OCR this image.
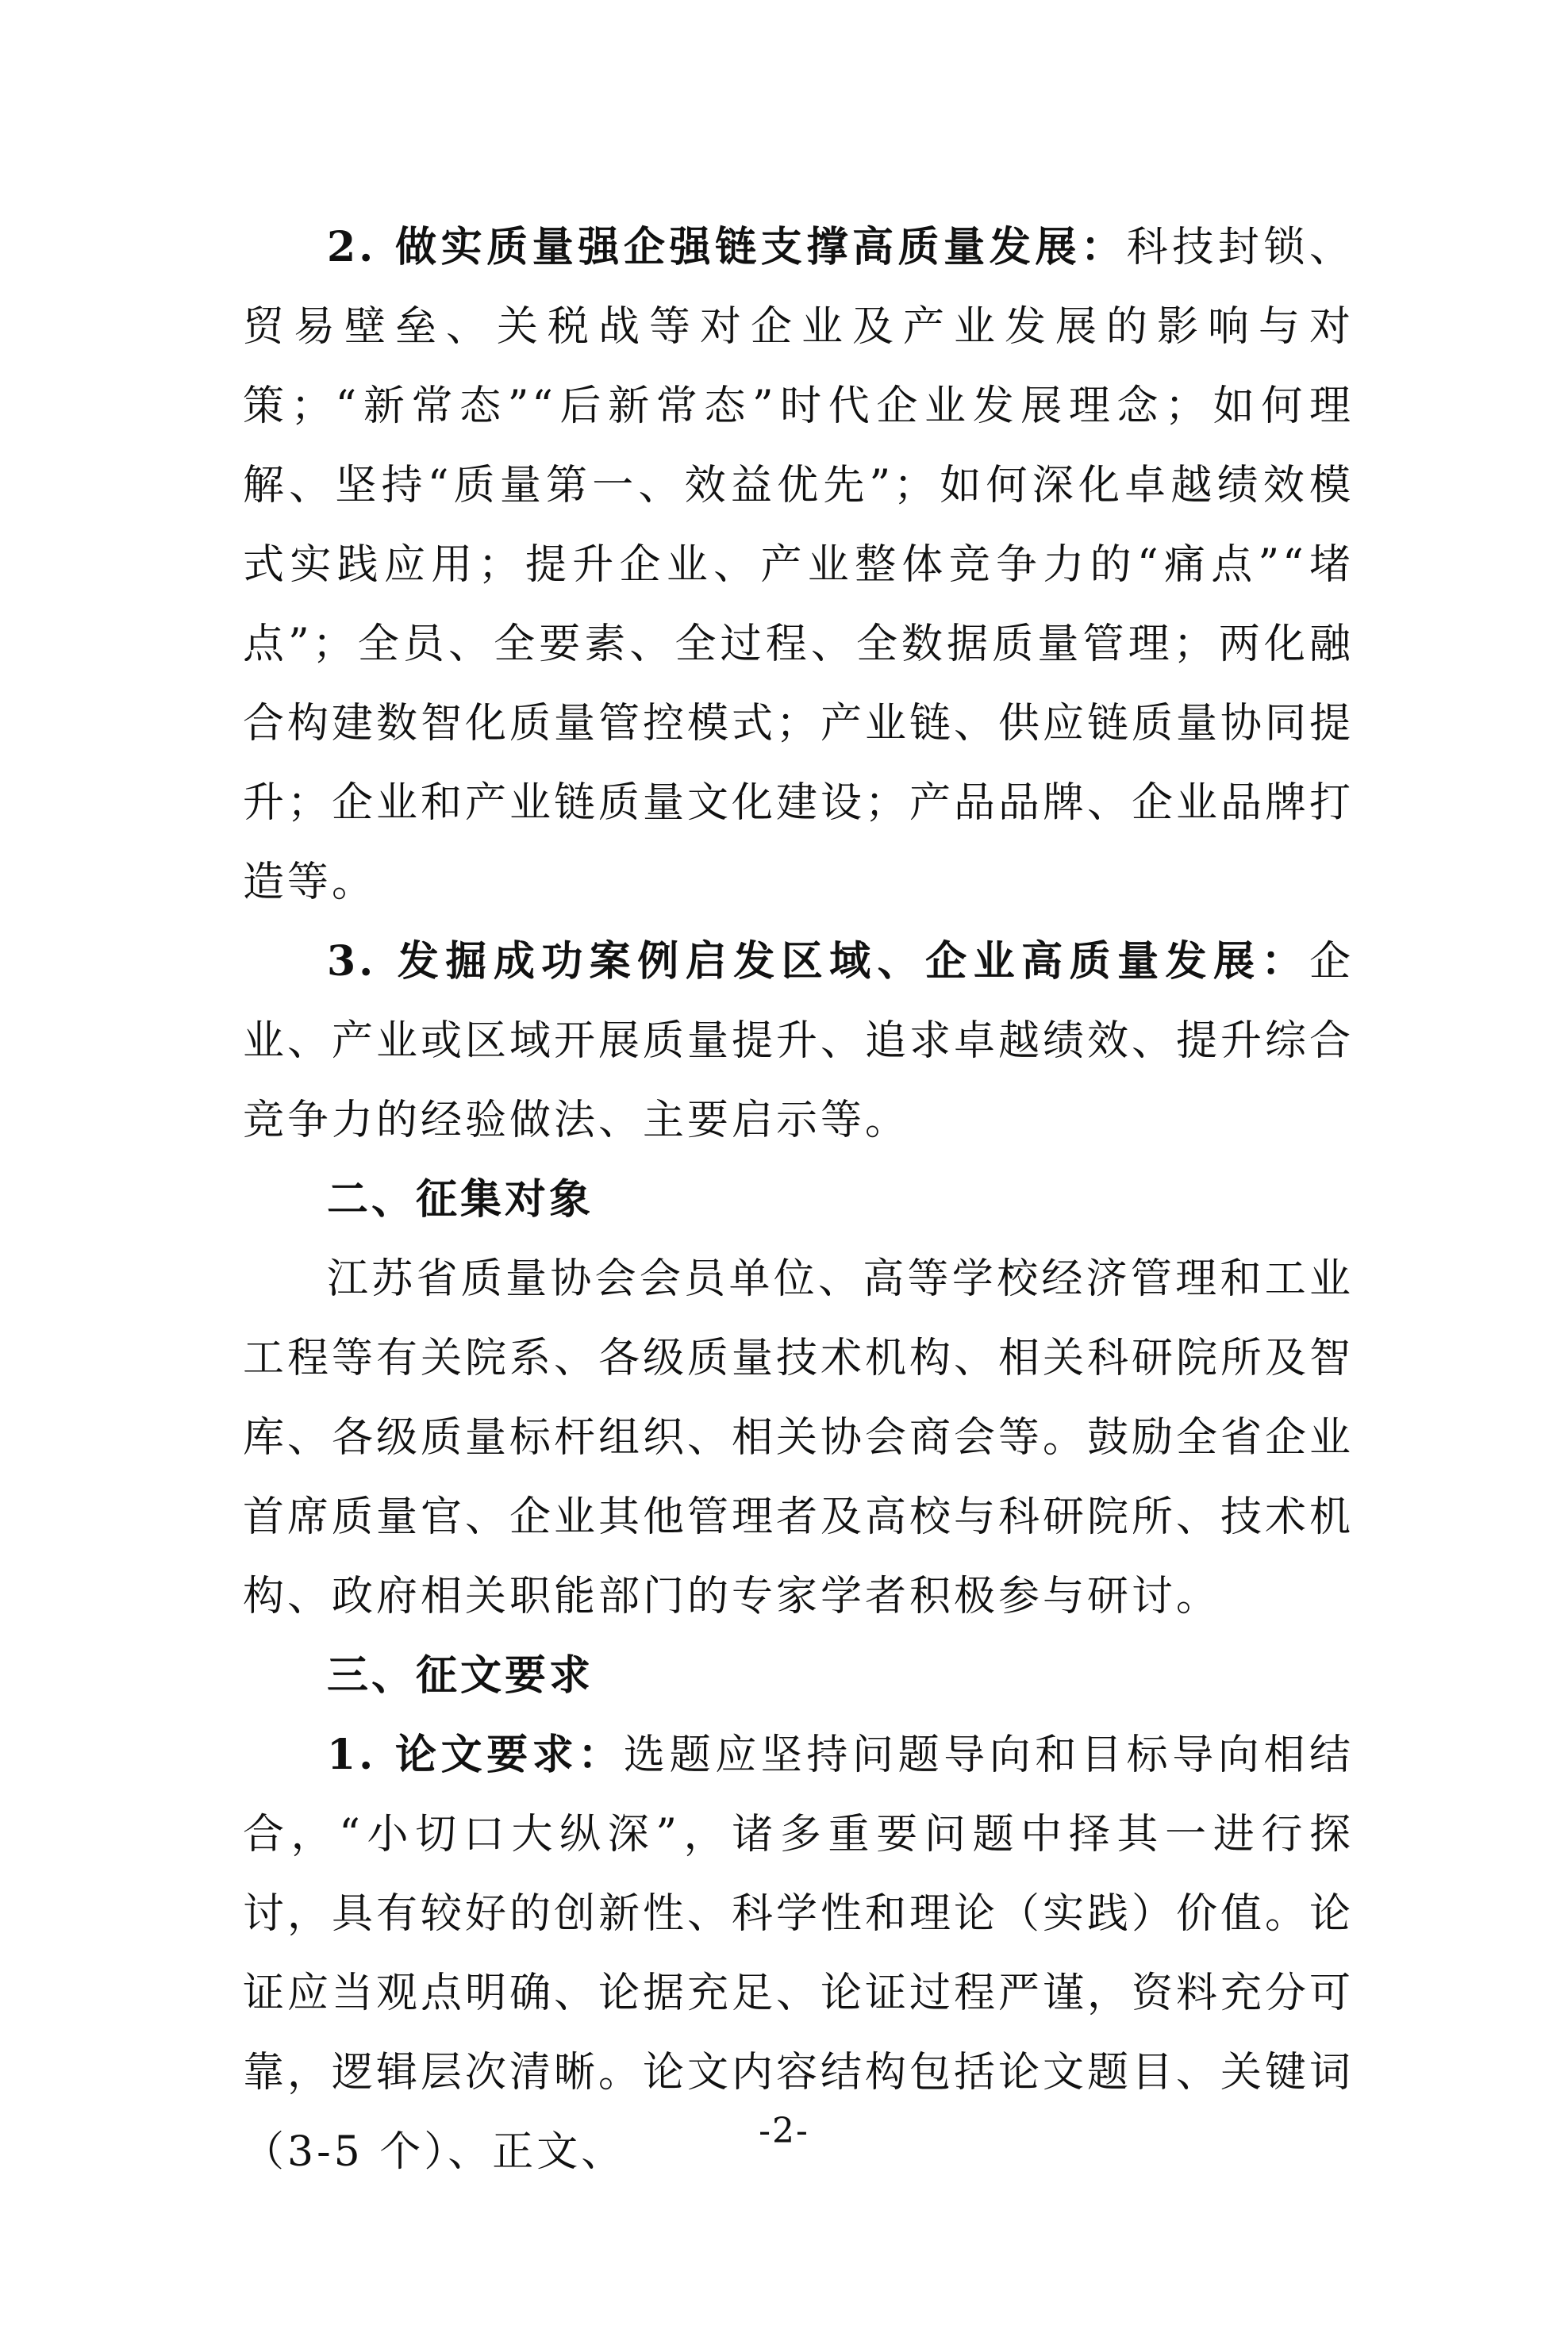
2. 做实质量强企强链支撑高质量发展：科技封锁、贸易壁垒、关税战等对企业及产业发展的影响与对策；“新常态”“后新常态”时代企业发展理念；如何理解、坚持“质量第一、效益优先”；如何深化卓越绩效模式实践应用；提升企业、产业整体竞争力的“痛点”“堵点”；全员、全要素、全过程、全数据质量管理；两化融合构建数智化质量管控模式；产业链、供应链质量协同提升；企业和产业链质量文化建设；产品品牌、企业品牌打造等。

3. 发掘成功案例启发区域、企业高质量发展：企业、产业或区域开展质量提升、追求卓越绩效、提升综合竞争力的经验做法、主要启示等。

二、征集对象

江苏省质量协会会员单位、高等学校经济管理和工业工程等有关院系、各级质量技术机构、相关科研院所及智库、各级质量标杆组织、相关协会商会等。鼓励全省企业首席质量官、企业其他管理者及高校与科研院所、技术机构、政府相关职能部门的专家学者积极参与研讨。

三、征文要求

1. 论文要求：选题应坚持问题导向和目标导向相结合，“小切口大纵深”，诸多重要问题中择其一进行探讨，具有较好的创新性、科学性和理论（实践）价值。论证应当观点明确、论据充足、论证过程严谨，资料充分可靠，逻辑层次清晰。论文内容结构包括论文题目、关键词（3-5 个）、正文、	-2-
